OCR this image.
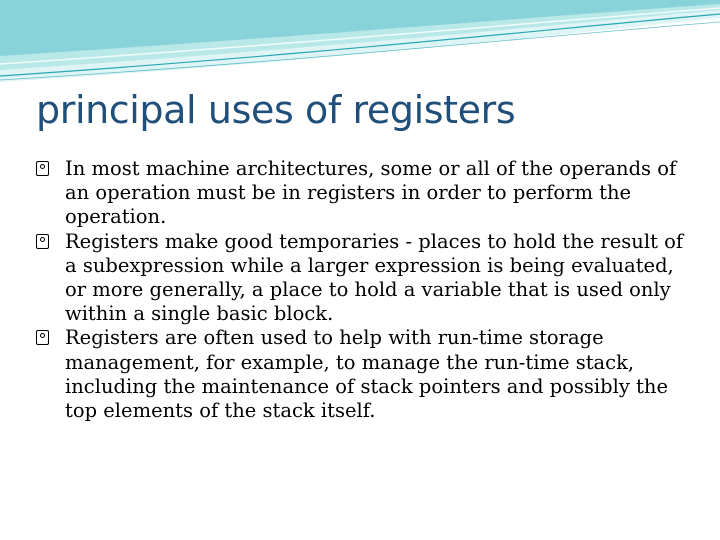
principal uses of registers
In most machine architectures, some or all of the operands of an operation must be in registers in order to perform the operation.
Registers make good temporaries - places to hold the result of a subexpression while a larger expression is being evaluated, or more generally, a place to hold a variable that is used only within a single basic block.
Registers are often used to help with run-time storage management, for example, to manage the run-time stack, including the maintenance of stack pointers and possibly the top elements of the stack itself.
